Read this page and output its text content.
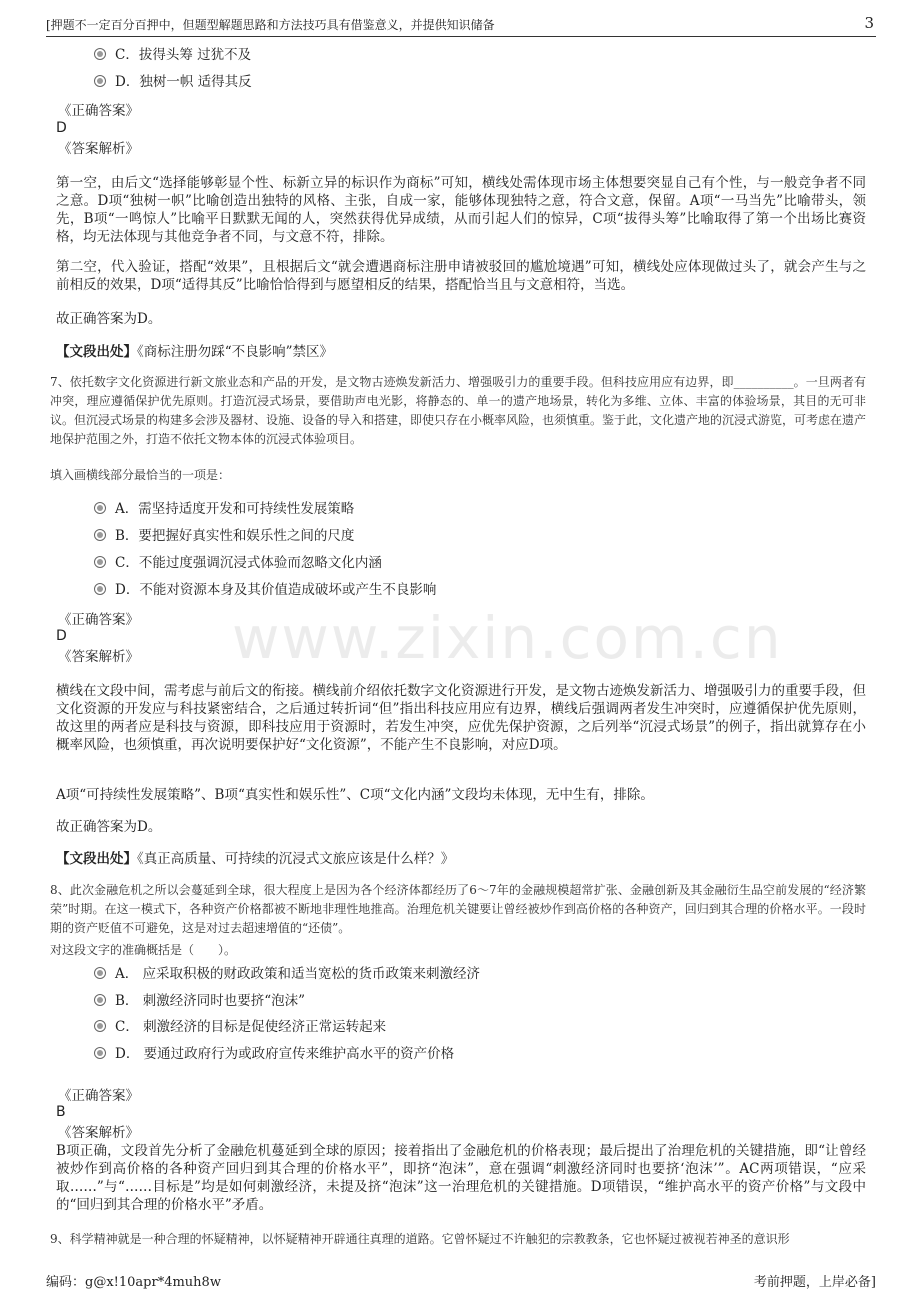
[押题不一定百分百押中，但题型解题思路和方法技巧具有借鉴意义，并提供知识储备	3
www.zixin.com.cn
C．拔得头筹 过犹不及
D．独树一帜 适得其反
《正确答案》
D
《答案解析》

第一空，由后文“选择能够彰显个性、标新立异的标识作为商标”可知，横线处需体现市场主体想要突显自己有个性，与一般竞争者不同之意。D项“独树一帜”比喻创造出独特的风格、主张，自成一家，能够体现独特之意，符合文意，保留。A项“一马当先”比喻带头，领先，B项“一鸣惊人”比喻平日默默无闻的人，突然获得优异成绩，从而引起人们的惊异，C项“拔得头筹”比喻取得了第一个出场比赛资格，均无法体现与其他竞争者不同，与文意不符，排除。

第二空，代入验证，搭配“效果”，且根据后文“就会遭遇商标注册申请被驳回的尴尬境遇”可知，横线处应体现做过头了，就会产生与之前相反的效果，D项“适得其反”比喻恰恰得到与愿望相反的结果，搭配恰当且与文意相符，当选。

故正确答案为D。

【文段出处】《商标注册勿踩“不良影响”禁区》

7、依托数字文化资源进行新文旅业态和产品的开发，是文物古迹焕发新活力、增强吸引力的重要手段。但科技应用应有边界，即__________。一旦两者有冲突，理应遵循保护优先原则。打造沉浸式场景，要借助声电光影，将静态的、单一的遗产地场景，转化为多维、立体、丰富的体验场景，其目的无可非议。但沉浸式场景的构建多会涉及器材、设施、设备的导入和搭建，即使只存在小概率风险，也须慎重。鉴于此，文化遗产地的沉浸式游览，可考虑在遗产地保护范围之外，打造不依托文物本体的沉浸式体验项目。

填入画横线部分最恰当的一项是：
A．需坚持适度开发和可持续性发展策略
B．要把握好真实性和娱乐性之间的尺度
C．不能过度强调沉浸式体验而忽略文化内涵
D．不能对资源本身及其价值造成破坏或产生不良影响
《正确答案》
D
《答案解析》

横线在文段中间，需考虑与前后文的衔接。横线前介绍依托数字文化资源进行开发，是文物古迹焕发新活力、增强吸引力的重要手段，但文化资源的开发应与科技紧密结合，之后通过转折词“但”指出科技应用应有边界，横线后强调两者发生冲突时，应遵循保护优先原则，故这里的两者应是科技与资源，即科技应用于资源时，若发生冲突，应优先保护资源，之后列举“沉浸式场景”的例子，指出就算存在小概率风险，也须慎重，再次说明要保护好“文化资源”，不能产生不良影响，对应D项。

A项“可持续性发展策略”、B项“真实性和娱乐性”、C项“文化内涵”文段均未体现，无中生有，排除。

故正确答案为D。

【文段出处】《真正高质量、可持续的沉浸式文旅应该是什么样？》

8、此次金融危机之所以会蔓延到全球，很大程度上是因为各个经济体都经历了6～7年的金融规模超常扩张、金融创新及其金融衍生品空前发展的“经济繁荣”时期。在这一模式下，各种资产价格都被不断地非理性地推高。治理危机关键要让曾经被炒作到高价格的各种资产，回归到其合理的价格水平。一段时期的资产贬值不可避免，这是对过去超速增值的“还债”。

对这段文字的准确概括是（　　）。
A． 应采取积极的财政政策和适当宽松的货币政策来刺激经济
B． 刺激经济同时也要挤“泡沫”
C． 刺激经济的目标是促使经济正常运转起来
D． 要通过政府行为或政府宣传来维护高水平的资产价格
《正确答案》
B
《答案解析》

B项正确，文段首先分析了金融危机蔓延到全球的原因；接着指出了金融危机的价格表现；最后提出了治理危机的关键措施，即“让曾经被炒作到高价格的各种资产回归到其合理的价格水平”，即挤“泡沫”，意在强调“刺激经济同时也要挤‘泡沫’”。AC两项错误，“应采取……”与“……目标是”均是如何刺激经济，未提及挤“泡沫”这一治理危机的关键措施。D项错误，“维护高水平的资产价格”与文段中的“回归到其合理的价格水平”矛盾。

9、科学精神就是一种合理的怀疑精神，以怀疑精神开辟通往真理的道路。它曾怀疑过不许触犯的宗教教条，它也怀疑过被视若神圣的意识形

编码：g@x!10apr*4muh8w	考前押题，上岸必备]
